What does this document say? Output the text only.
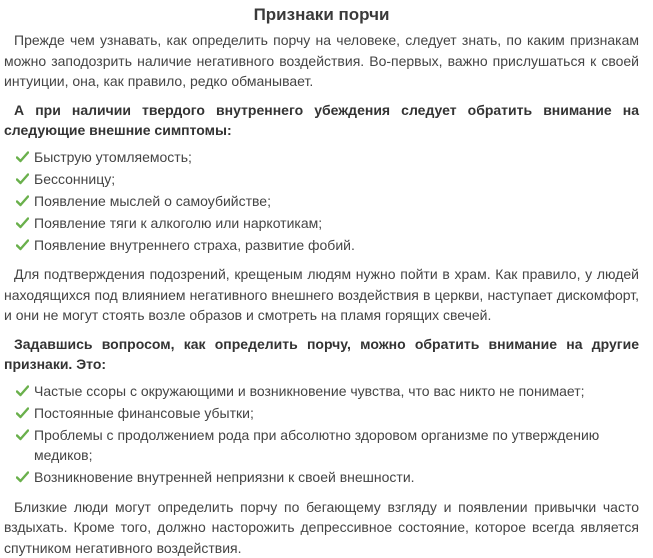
Признаки порчи

Прежде чем узнавать, как определить порчу на человеке, следует знать, по каким признакам можно заподозрить наличие негативного воздействия. Во-первых, важно прислушаться к своей интуиции, она, как правило, редко обманывает.

А при наличии твердого внутреннего убеждения следует обратить внимание на следующие внешние симптомы:

Быструю утомляемость;
Бессонницу;
Появление мыслей о самоубийстве;
Появление тяги к алкоголю или наркотикам;
Появление внутреннего страха, развитие фобий.

Для подтверждения подозрений, крещеным людям нужно пойти в храм. Как правило, у людей находящихся под влиянием негативного внешнего воздействия в церкви, наступает дискомфорт, и они не могут стоять возле образов и смотреть на пламя горящих свечей.

Задавшись вопросом, как определить порчу, можно обратить внимание на другие признаки. Это:

Частые ссоры с окружающими и возникновение чувства, что вас никто не понимает;
Постоянные финансовые убытки;
Проблемы с продолжением рода при абсолютно здоровом организме по утверждению медиков;
Возникновение внутренней неприязни к своей внешности.

Близкие люди могут определить порчу по бегающему взгляду и появлении привычки часто вздыхать. Кроме того, должно насторожить депрессивное состояние, которое всегда является спутником негативного воздействия.
